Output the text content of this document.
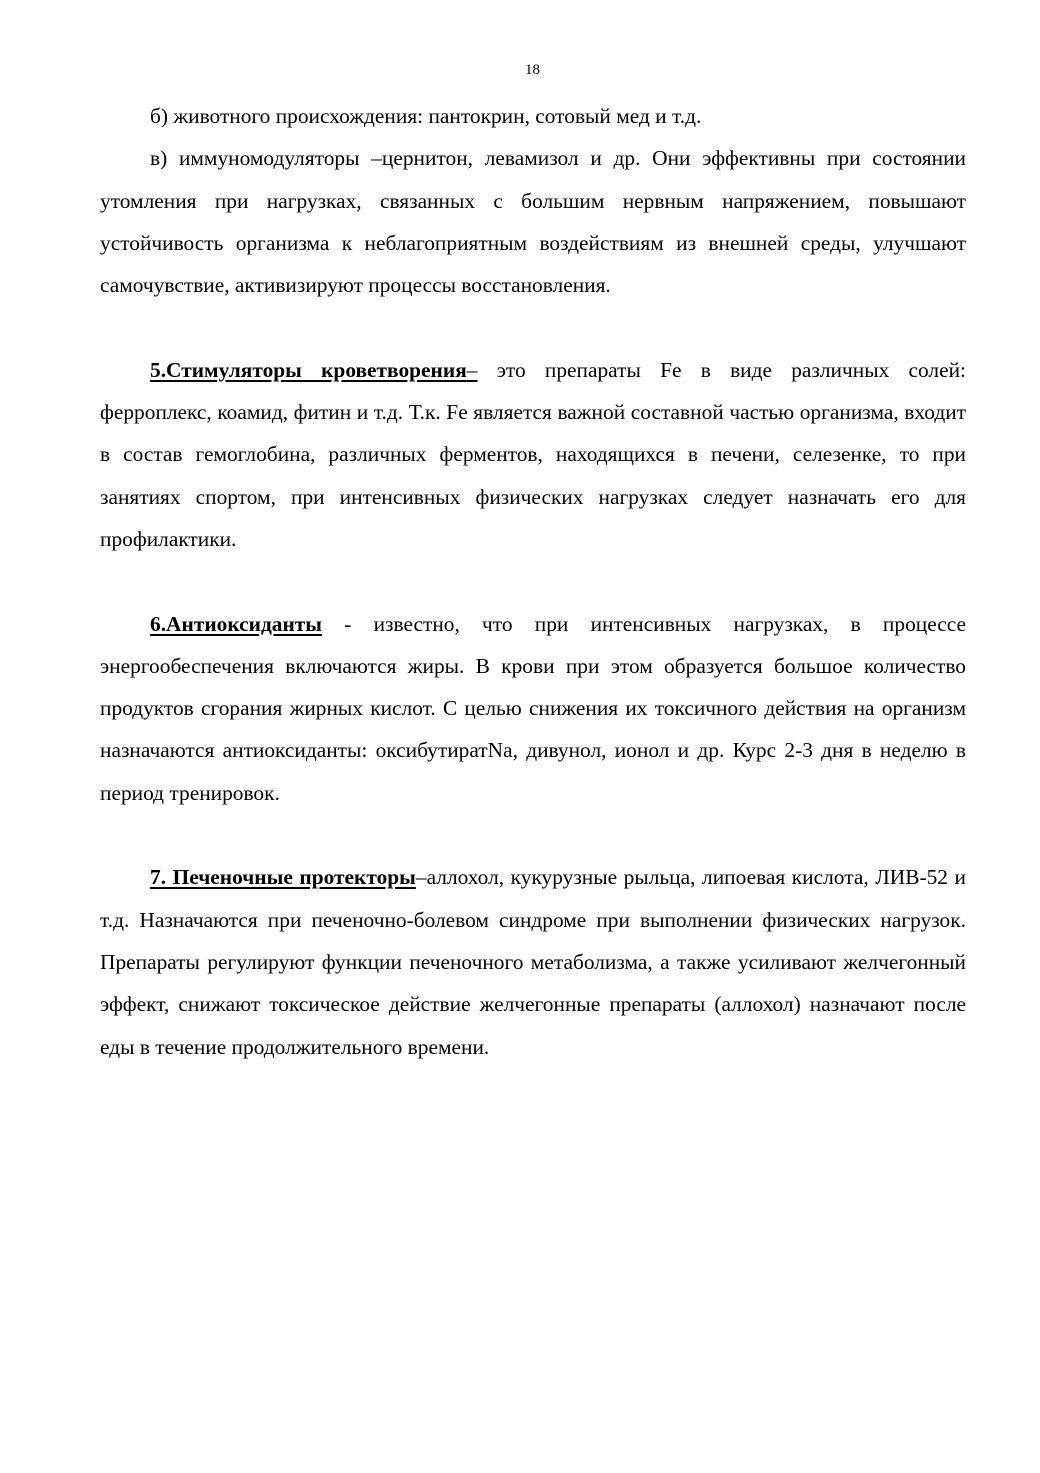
18

б) животного происхождения: пантокрин, сотовый мед и т.д.

в) иммуномодуляторы –цернитон, левамизол и др. Они эффективны при состоянии утомления при нагрузках, связанных с большим нервным напряжением, повышают устойчивость организма к неблагоприятным воздействиям из внешней среды, улучшают самочувствие, активизируют процессы восстановления.

5.Стимуляторы кроветворения– это препараты Fe в виде различных солей: ферроплекс, коамид, фитин и т.д. Т.к. Fe является важной составной частью организма, входит в состав гемоглобина, различных ферментов, находящихся в печени, селезенке, то при занятиях спортом, при интенсивных физических нагрузках следует назначать его для профилактики.

6.Антиоксиданты - известно, что при интенсивных нагрузках, в процессе энергообеспечения включаются жиры. В крови при этом образуется большое количество продуктов сгорания жирных кислот. С целью снижения их токсичного действия на организм назначаются антиоксиданты: оксибутиратNa, дивунол, ионол и др. Курс 2-3 дня в неделю в период тренировок.

7. Печеночные протекторы–аллохол, кукурузные рыльца, липоевая кислота, ЛИВ-52 и т.д. Назначаются при печеночно-болевом синдроме при выполнении физических нагрузок. Препараты регулируют функции печеночного метаболизма, а также усиливают желчегонный эффект, снижают токсическое действие желчегонные препараты (аллохол) назначают после еды в течение продолжительного времени.
